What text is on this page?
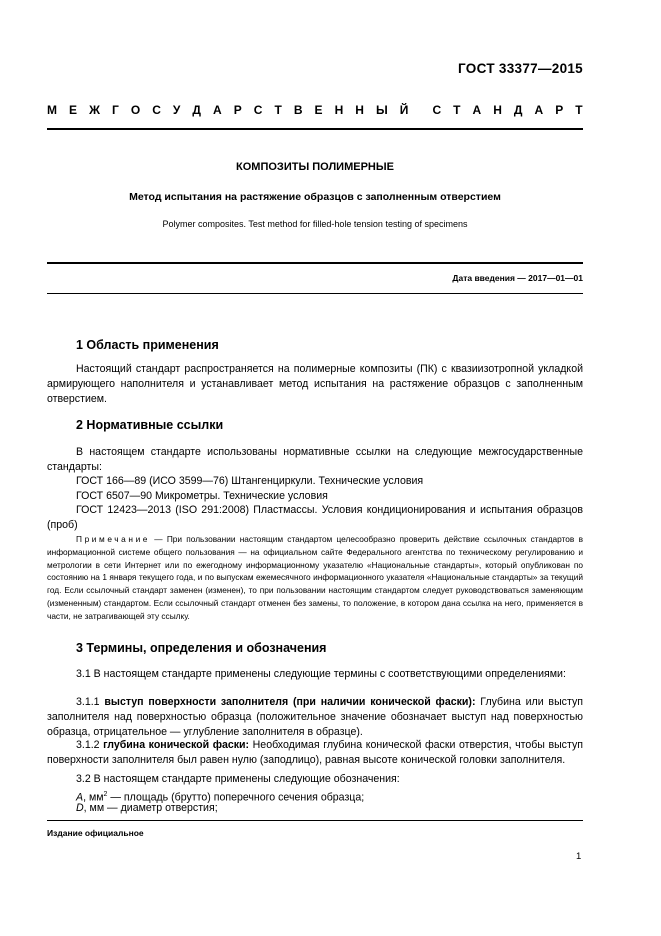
ГОСТ 33377—2015
М Е Ж Г О С У Д А Р С Т В Е Н Н Ы Й С Т А Н Д А Р Т
КОМПОЗИТЫ ПОЛИМЕРНЫЕ
Метод испытания на растяжение образцов с заполненным отверстием
Polymer composites. Test method for filled-hole tension testing of specimens
Дата введения — 2017—01—01
1 Область применения
Настоящий стандарт распространяется на полимерные композиты (ПК) с квазиизотропной укладкой армирующего наполнителя и устанавливает метод испытания на растяжение образцов с заполненным отверстием.
2 Нормативные ссылки
В настоящем стандарте использованы нормативные ссылки на следующие межгосударственные стандарты:
ГОСТ 166—89 (ИСО 3599—76) Штангенциркули. Технические условия
ГОСТ 6507—90 Микрометры. Технические условия
ГОСТ 12423—2013 (ISO 291:2008) Пластмассы. Условия кондиционирования и испытания образцов (проб)
Примечание — При пользовании настоящим стандартом целесообразно проверить действие ссылочных стандартов в информационной системе общего пользования — на официальном сайте Федерального агентства по техническому регулированию и метрологии в сети Интернет или по ежегодному информационному указателю «Национальные стандарты», который опубликован по состоянию на 1 января текущего года, и по выпускам ежемесячного информационного указателя «Национальные стандарты» за текущий год. Если ссылочный стандарт заменен (изменен), то при пользовании настоящим стандартом следует руководствоваться заменяющим (измененным) стандартом. Если ссылочный стандарт отменен без замены, то положение, в котором дана ссылка на него, применяется в части, не затрагивающей эту ссылку.
3 Термины, определения и обозначения
3.1 В настоящем стандарте применены следующие термины с соответствующими определениями:
3.1.1 выступ поверхности заполнителя (при наличии конической фаски): Глубина или выступ заполнителя над поверхностью образца (положительное значение обозначает выступ над поверхностью образца, отрицательное — углубление заполнителя в образце).
3.1.2 глубина конической фаски: Необходимая глубина конической фаски отверстия, чтобы выступ поверхности заполнителя был равен нулю (заподлицо), равная высоте конической головки заполнителя.
3.2 В настоящем стандарте применены следующие обозначения:
A, $мм^2$ — площадь (брутто) поперечного сечения образца;
D, мм — диаметр отверстия;
Издание официальное
1
